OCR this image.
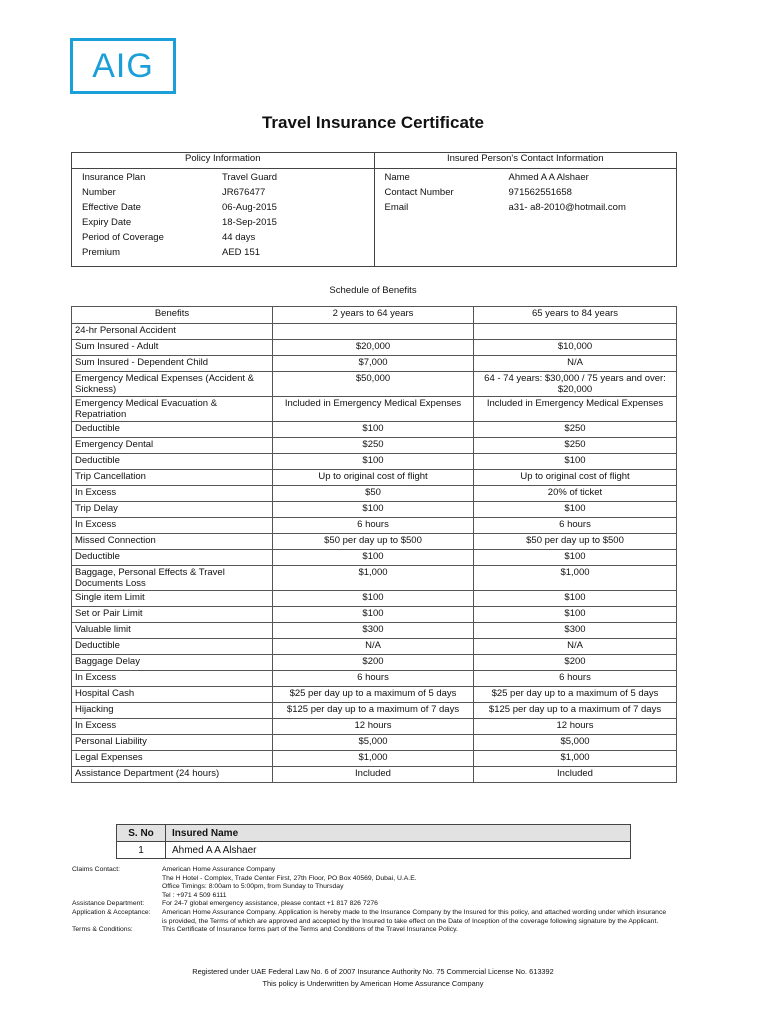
AIG
Travel Insurance Certificate
Policy Information	Insured Person's Contact Information

Insurance Plan	Travel Guard
Number	JR676477
Effective Date	06-Aug-2015
Expiry Date	18-Sep-2015
Period of Coverage	44 days
Premium	AED 151

Name	Ahmed A A Alshaer
Contact Number	971562551658
Email	a31- a8-2010@hotmail.com
Schedule of Benefits
Benefits	2 years to 64 years	65 years to 84 years
24-hr Personal Accident		
Sum Insured - Adult	$20,000	$10,000
Sum Insured - Dependent Child	$7,000	N/A
Emergency Medical Expenses (Accident & Sickness)	$50,000	64 - 74 years: $30,000 / 75 years and over: $20,000
Emergency Medical Evacuation & Repatriation	Included in Emergency Medical Expenses	Included in Emergency Medical Expenses
Deductible	$100	$250
Emergency Dental	$250	$250
Deductible	$100	$100
Trip Cancellation	Up to original cost of flight	Up to original cost of flight
In Excess	$50	20% of ticket
Trip Delay	$100	$100
In Excess	6 hours	6 hours
Missed Connection	$50 per day up to $500	$50 per day up to $500
Deductible	$100	$100
Baggage, Personal Effects & Travel Documents Loss	$1,000	$1,000
Single item Limit	$100	$100
Set or Pair Limit	$100	$100
Valuable limit	$300	$300
Deductible	N/A	N/A
Baggage Delay	$200	$200
In Excess	6 hours	6 hours
Hospital Cash	$25 per day up to a maximum of 5 days	$25 per day up to a maximum of 5 days
Hijacking	$125 per day up to a maximum of 7 days	$125 per day up to a maximum of 7 days
In Excess	12 hours	12 hours
Personal Liability	$5,000	$5,000
Legal Expenses	$1,000	$1,000
Assistance Department (24 hours)	Included	Included
S. No	Insured Name
1	Ahmed A A Alshaer
Claims Contact:	American Home Assurance Company
The H Hotel - Complex, Trade Center First, 27th Floor, PO Box 40569, Dubai, U.A.E.
Office Timings: 8:00am to 5:00pm, from Sunday to Thursday
Tel : +971 4 509 6111
Assistance Department:	For 24-7 global emergency assistance, please contact +1 817 826 7276
Application & Acceptance:	American Home Assurance Company. Application is hereby made to the Insurance Company by the Insured for this policy, and attached wording under which insurance is provided, the Terms of which are approved and accepted by the Insured to take effect on the Date of Inception of the coverage following signature by the Applicant.
Terms & Conditions:	This Certificate of Insurance forms part of the Terms and Conditions of the Travel Insurance Policy.
Registered under UAE Federal Law No. 6 of 2007 Insurance Authority No. 75 Commercial License No. 613392
This policy is Underwritten by American Home Assurance Company
